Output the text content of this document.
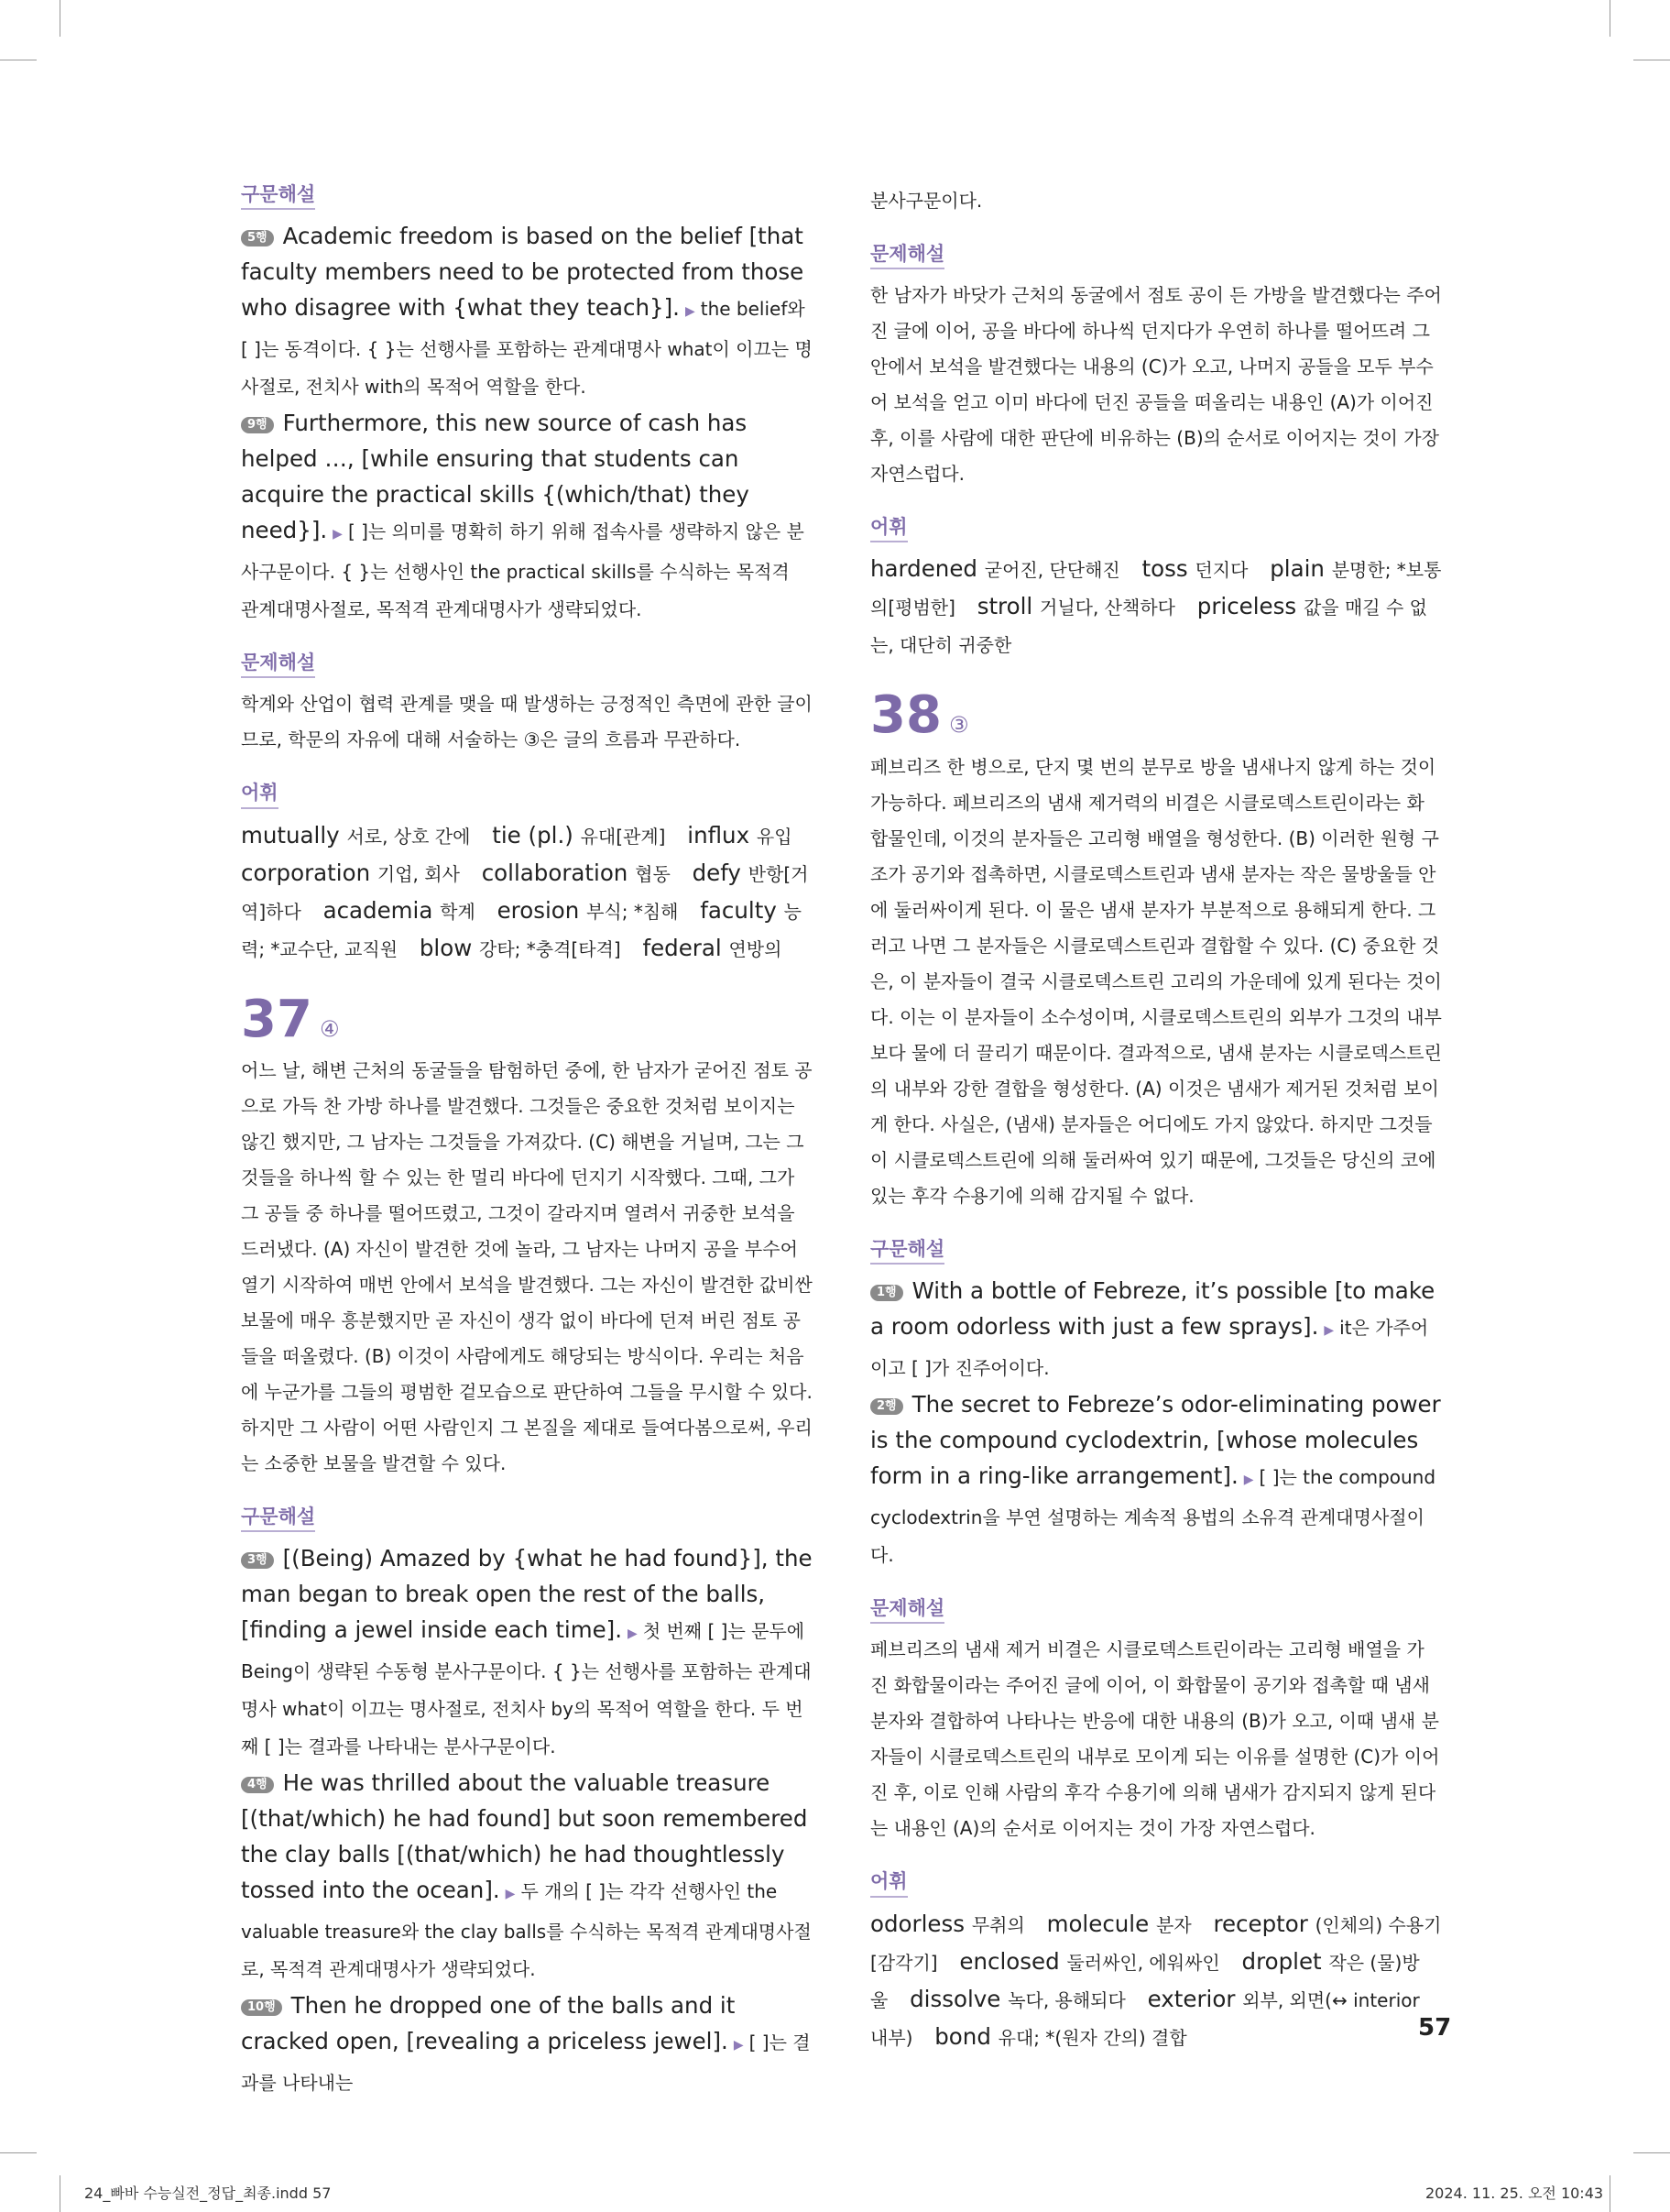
구문해설

5행 Academic freedom is based on the belief [that faculty members need to be protected from those who disagree with {what they teach}]. ▶ the belief와 [ ]는 동격이다. { }는 선행사를 포함하는 관계대명사 what이 이끄는 명사절로, 전치사 with의 목적어 역할을 한다.

9행 Furthermore, this new source of cash has helped …, [while ensuring that students can acquire the practical skills {(which/that) they need}]. ▶ [ ]는 의미를 명확히 하기 위해 접속사를 생략하지 않은 분사구문이다. { }는 선행사인 the practical skills를 수식하는 목적격 관계대명사절로, 목적격 관계대명사가 생략되었다.

문제해설

학계와 산업이 협력 관계를 맺을 때 발생하는 긍정적인 측면에 관한 글이므로, 학문의 자유에 대해 서술하는 ③은 글의 흐름과 무관하다.

어휘

mutually 서로, 상호 간에 tie (pl.) 유대[관계] influx 유입 corporation 기업, 회사 collaboration 협동 defy 반항[거역]하다 academia 학계 erosion 부식; *침해 faculty 능력; *교수단, 교직원 blow 강타; *충격[타격] federal 연방의

37 ④

어느 날, 해변 근처의 동굴들을 탐험하던 중에, 한 남자가 굳어진 점토 공으로 가득 찬 가방 하나를 발견했다. 그것들은 중요한 것처럼 보이지는 않긴 했지만, 그 남자는 그것들을 가져갔다. (C) 해변을 거닐며, 그는 그것들을 하나씩 할 수 있는 한 멀리 바다에 던지기 시작했다. 그때, 그가 그 공들 중 하나를 떨어뜨렸고, 그것이 갈라지며 열려서 귀중한 보석을 드러냈다. (A) 자신이 발견한 것에 놀라, 그 남자는 나머지 공을 부수어 열기 시작하여 매번 안에서 보석을 발견했다. 그는 자신이 발견한 값비싼 보물에 매우 흥분했지만 곧 자신이 생각 없이 바다에 던져 버린 점토 공들을 떠올렸다. (B) 이것이 사람에게도 해당되는 방식이다. 우리는 처음에 누군가를 그들의 평범한 겉모습으로 판단하여 그들을 무시할 수 있다. 하지만 그 사람이 어떤 사람인지 그 본질을 제대로 들여다봄으로써, 우리는 소중한 보물을 발견할 수 있다.

구문해설

3행 [(Being) Amazed by {what he had found}], the man began to break open the rest of the balls, [finding a jewel inside each time]. ▶ 첫 번째 [ ]는 문두에 Being이 생략된 수동형 분사구문이다. { }는 선행사를 포함하는 관계대명사 what이 이끄는 명사절로, 전치사 by의 목적어 역할을 한다. 두 번째 [ ]는 결과를 나타내는 분사구문이다.

4행 He was thrilled about the valuable treasure [(that/which) he had found] but soon remembered the clay balls [(that/which) he had thoughtlessly tossed into the ocean]. ▶ 두 개의 [ ]는 각각 선행사인 the valuable treasure와 the clay balls를 수식하는 목적격 관계대명사절로, 목적격 관계대명사가 생략되었다.

10행 Then he dropped one of the balls and it cracked open, [revealing a priceless jewel]. ▶ [ ]는 결과를 나타내는

분사구문이다.

문제해설

한 남자가 바닷가 근처의 동굴에서 점토 공이 든 가방을 발견했다는 주어진 글에 이어, 공을 바다에 하나씩 던지다가 우연히 하나를 떨어뜨려 그 안에서 보석을 발견했다는 내용의 (C)가 오고, 나머지 공들을 모두 부수어 보석을 얻고 이미 바다에 던진 공들을 떠올리는 내용인 (A)가 이어진 후, 이를 사람에 대한 판단에 비유하는 (B)의 순서로 이어지는 것이 가장 자연스럽다.

어휘

hardened 굳어진, 단단해진 toss 던지다 plain 분명한; *보통의[평범한] stroll 거닐다, 산책하다 priceless 값을 매길 수 없는, 대단히 귀중한

38 ③

페브리즈 한 병으로, 단지 몇 번의 분무로 방을 냄새나지 않게 하는 것이 가능하다. 페브리즈의 냄새 제거력의 비결은 시클로덱스트린이라는 화합물인데, 이것의 분자들은 고리형 배열을 형성한다. (B) 이러한 원형 구조가 공기와 접촉하면, 시클로덱스트린과 냄새 분자는 작은 물방울들 안에 둘러싸이게 된다. 이 물은 냄새 분자가 부분적으로 용해되게 한다. 그러고 나면 그 분자들은 시클로덱스트린과 결합할 수 있다. (C) 중요한 것은, 이 분자들이 결국 시클로덱스트린 고리의 가운데에 있게 된다는 것이다. 이는 이 분자들이 소수성이며, 시클로덱스트린의 외부가 그것의 내부보다 물에 더 끌리기 때문이다. 결과적으로, 냄새 분자는 시클로덱스트린의 내부와 강한 결합을 형성한다. (A) 이것은 냄새가 제거된 것처럼 보이게 한다. 사실은, (냄새) 분자들은 어디에도 가지 않았다. 하지만 그것들이 시클로덱스트린에 의해 둘러싸여 있기 때문에, 그것들은 당신의 코에 있는 후각 수용기에 의해 감지될 수 없다.

구문해설

1행 With a bottle of Febreze, it’s possible [to make a room odorless with just a few sprays]. ▶ it은 가주어이고 [ ]가 진주어이다.

2행 The secret to Febreze’s odor-eliminating power is the compound cyclodextrin, [whose molecules form in a ring-like arrangement]. ▶ [ ]는 the compound cyclodextrin을 부연 설명하는 계속적 용법의 소유격 관계대명사절이다.

문제해설

페브리즈의 냄새 제거 비결은 시클로덱스트린이라는 고리형 배열을 가진 화합물이라는 주어진 글에 이어, 이 화합물이 공기와 접촉할 때 냄새 분자와 결합하여 나타나는 반응에 대한 내용의 (B)가 오고, 이때 냄새 분자들이 시클로덱스트린의 내부로 모이게 되는 이유를 설명한 (C)가 이어진 후, 이로 인해 사람의 후각 수용기에 의해 냄새가 감지되지 않게 된다는 내용인 (A)의 순서로 이어지는 것이 가장 자연스럽다.

어휘

odorless 무취의 molecule 분자 receptor (인체의) 수용기[감각기] enclosed 둘러싸인, 에워싸인 droplet 작은 (물)방울 dissolve 녹다, 용해되다 exterior 외부, 외면(↔ interior 내부) bond 유대; *(원자 간의) 결합	57
24_빠바 수능실전_정답_최종.indd 57	2024. 11. 25. 오전 10:43
